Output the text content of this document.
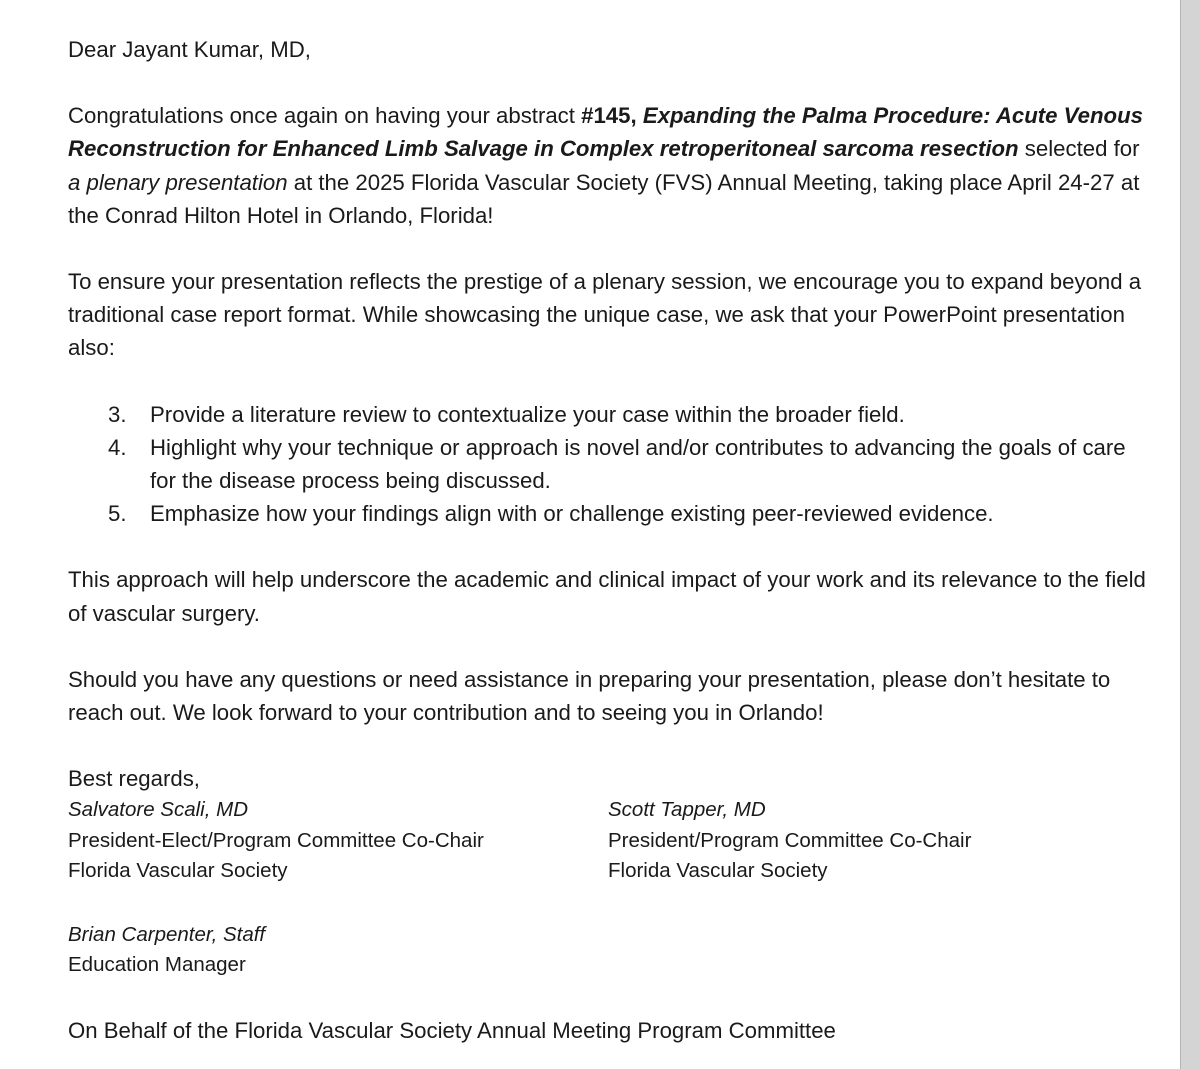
Dear Jayant Kumar, MD,

Congratulations once again on having your abstract #145, Expanding the Palma Procedure: Acute Venous Reconstruction for Enhanced Limb Salvage in Complex retroperitoneal sarcoma resection selected for a plenary presentation at the 2025 Florida Vascular Society (FVS) Annual Meeting, taking place April 24-27 at the Conrad Hilton Hotel in Orlando, Florida!

To ensure your presentation reflects the prestige of a plenary session, we encourage you to expand beyond a traditional case report format. While showcasing the unique case, we ask that your PowerPoint presentation also:

3. Provide a literature review to contextualize your case within the broader field.
4. Highlight why your technique or approach is novel and/or contributes to advancing the goals of care for the disease process being discussed.
5. Emphasize how your findings align with or challenge existing peer-reviewed evidence.

This approach will help underscore the academic and clinical impact of your work and its relevance to the field of vascular surgery.

Should you have any questions or need assistance in preparing your presentation, please don’t hesitate to reach out. We look forward to your contribution and to seeing you in Orlando!

Best regards,

Salvatore Scali, MD
President-Elect/Program Committee Co-Chair
Florida Vascular Society
Scott Tapper, MD
President/Program Committee Co-Chair
Florida Vascular Society
Brian Carpenter, Staff
Education Manager

On Behalf of the Florida Vascular Society Annual Meeting Program Committee
